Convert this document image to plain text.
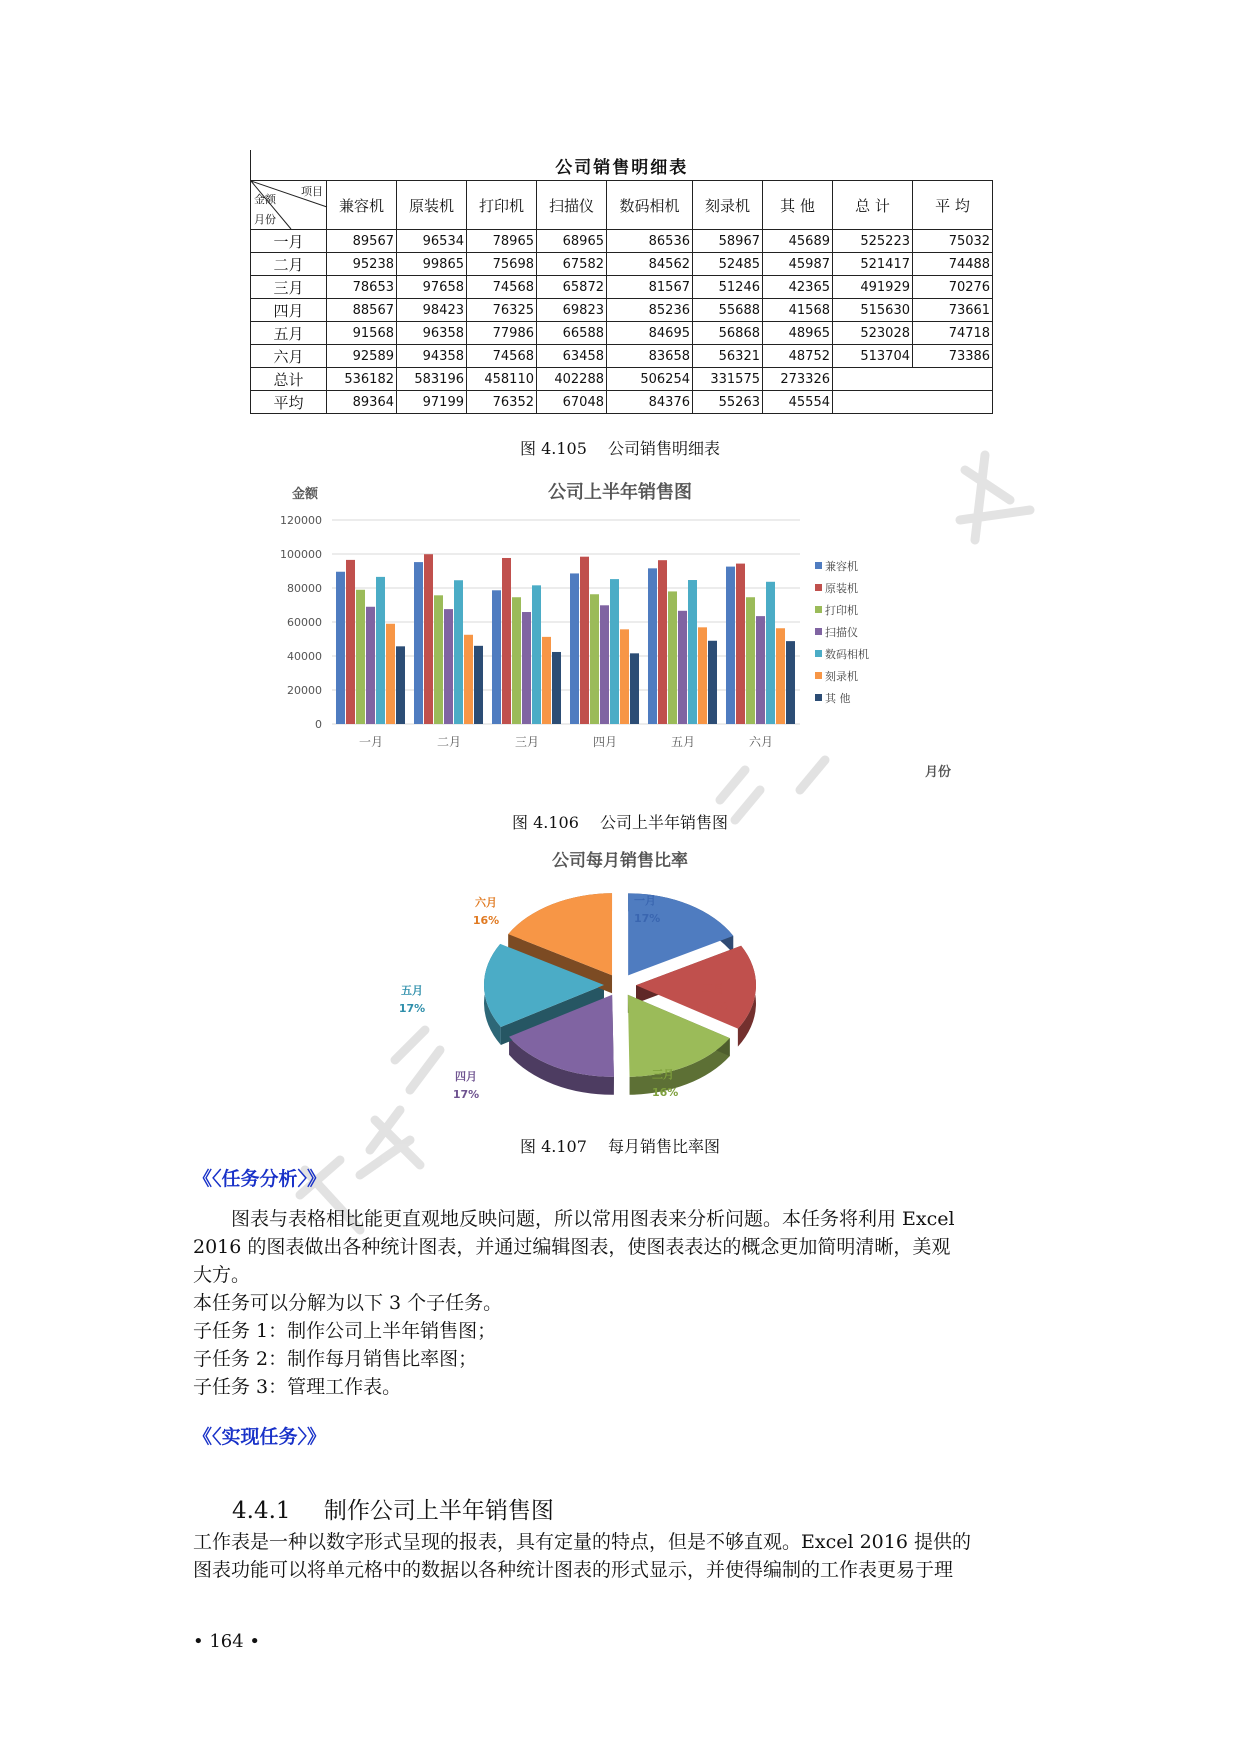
公司销售明细表									

项目
金额
月份	兼容机	原装机	打印机	扫描仪	数码相机	刻录机	其 他	总 计	平 均
一月	89567	96534	78965	68965	86536	58967	45689	525223	75032
二月	95238	99865	75698	67582	84562	52485	45987	521417	74488
三月	78653	97658	74568	65872	81567	51246	42365	491929	70276
四月	88567	98423	76325	69823	85236	55688	41568	515630	73661
五月	91568	96358	77986	66588	84695	56868	48965	523028	74718
六月	92589	94358	74568	63458	83658	56321	48752	513704	73386
总计	536182	583196	458110	402288	506254	331575	273326		
平均	89364	97199	76352	67048	84376	55263	45554		
图 4.105　 公司销售明细表
公司上半年销售图
金额
月份
0
20000
40000
60000
80000
100000
120000
一月	二月	三月	四月	五月	六月
兼容机
原装机
打印机
扫描仪
数码相机
刻录机
其 他
图 4.106　 公司上半年销售图
公司每月销售比率
一月
17%
二月
17%
三月
16%
四月
17%
五月
17%
六月
16%
图 4.107　 每月销售比率图
《〈任务分析〉》

图表与表格相比能更直观地反映问题，所以常用图表来分析问题。本任务将利用 Excel

2016 的图表做出各种统计图表，并通过编辑图表，使图表表达的概念更加简明清晰，美观

大方。

本任务可以分解为以下 3 个子任务。

子任务 1：制作公司上半年销售图；

子任务 2：制作每月销售比率图；

子任务 3：管理工作表。

《〈实现任务〉》
4.4.1 制作公司上半年销售图

工作表是一种以数字形式呈现的报表，具有定量的特点，但是不够直观。Excel 2016 提供的

图表功能可以将单元格中的数据以各种统计图表的形式显示，并使得编制的工作表更易于理

• 164 •
